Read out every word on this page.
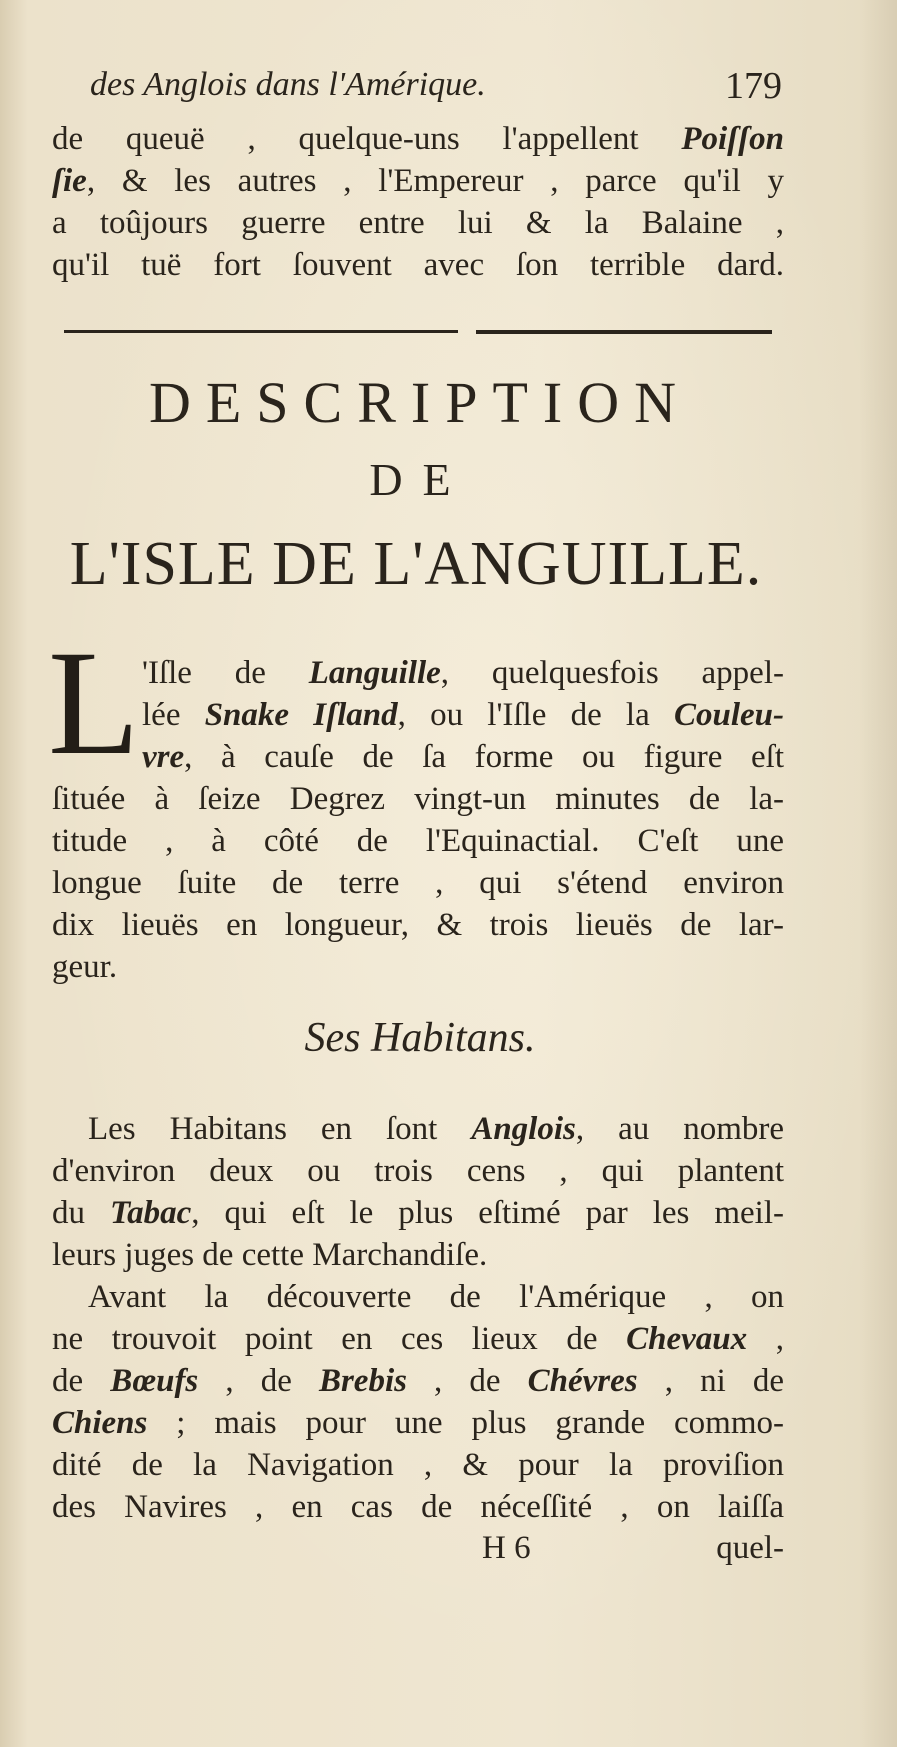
des Anglois dans l'Amérique.	179
de queuë , quelque-uns l'appellent Poiſſon
ſie, & les autres , l'Empereur , parce qu'il y
a toûjours guerre entre lui & la Balaine ,
qu'il tuë fort ſouvent avec ſon terrible dard.
DESCRIPTION
DE
L'ISLE DE L'ANGUILLE.
L 'Iſle de Languille, quelquesfois appel-
lée Snake Iſland, ou l'Iſle de la Couleu-
vre, à cauſe de ſa forme ou figure eſt
ſituée à ſeize Degrez vingt-un minutes de la-
titude , à côté de l'Equinactial. C'eſt une
longue ſuite de terre , qui s'étend environ
dix lieuës en longueur, & trois lieuës de lar-
geur.
Ses Habitans.
Les Habitans en ſont Anglois, au nombre
d'environ deux ou trois cens , qui plantent
du Tabac, qui eſt le plus eſtimé par les meil-
leurs juges de cette Marchandiſe.
Avant la découverte de l'Amérique , on
ne trouvoit point en ces lieux de Chevaux ,
de Bœufs , de Brebis , de Chévres , ni de
Chiens ; mais pour une plus grande commo-
dité de la Navigation , & pour la proviſion
des Navires , en cas de néceſſité , on laiſſa
H 6	quel-
